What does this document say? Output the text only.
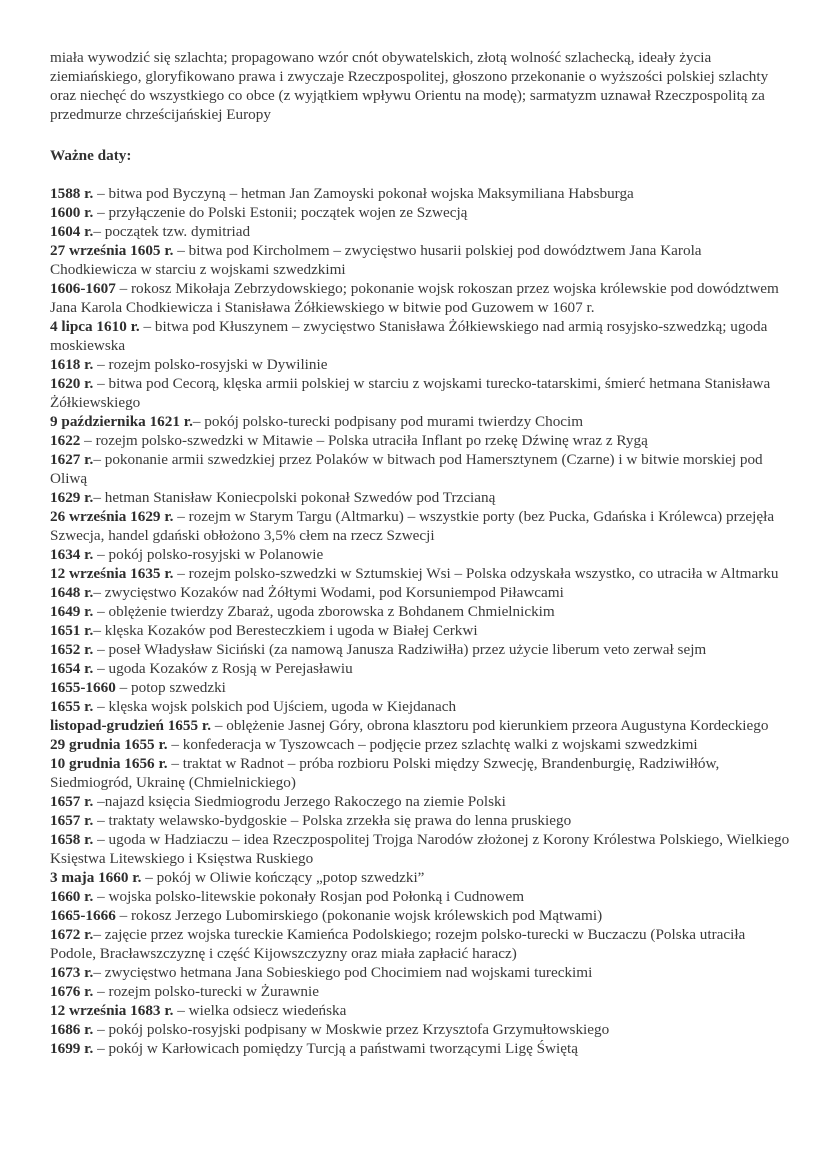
miała wywodzić się szlachta; propagowano wzór cnót obywatelskich, złotą wolność szlachecką, ideały życia ziemiańskiego, gloryfikowano prawa i zwyczaje Rzeczpospolitej, głoszono przekonanie o wyższości polskiej szlachty oraz niechęć do wszystkiego co obce (z wyjątkiem wpływu Orientu na modę); sarmatyzm uznawał Rzeczpospolitą za przedmurze chrześcijańskiej Europy

Ważne daty:

1588 r. – bitwa pod Byczyną – hetman Jan Zamoyski pokonał wojska Maksymiliana Habsburga
1600 r. – przyłączenie do Polski Estonii; początek wojen ze Szwecją
1604 r.– początek tzw. dymitriad
27 września 1605 r. – bitwa pod Kircholmem – zwycięstwo husarii polskiej pod dowództwem Jana Karola Chodkiewicza w starciu z wojskami szwedzkimi
1606-1607 – rokosz Mikołaja Zebrzydowskiego; pokonanie wojsk rokoszan przez wojska królewskie pod dowództwem Jana Karola Chodkiewicza i Stanisława Żółkiewskiego w bitwie pod Guzowem w 1607 r.
4 lipca 1610 r. – bitwa pod Kłuszynem – zwycięstwo Stanisława Żółkiewskiego nad armią rosyjsko-szwedzką; ugoda moskiewska
1618 r. – rozejm polsko-rosyjski w Dywilinie
1620 r. – bitwa pod Cecorą, klęska armii polskiej w starciu z wojskami turecko-tatarskimi, śmierć hetmana Stanisława Żółkiewskiego
9 października 1621 r.– pokój polsko-turecki podpisany pod murami twierdzy Chocim
1622 – rozejm polsko-szwedzki w Mitawie – Polska utraciła Inflant po rzekę Dźwinę wraz z Rygą
1627 r.– pokonanie armii szwedzkiej przez Polaków w bitwach pod Hamersztynem (Czarne) i w bitwie morskiej pod Oliwą
1629 r.– hetman Stanisław Koniecpolski pokonał Szwedów pod Trzcianą
26 września 1629 r. – rozejm w Starym Targu (Altmarku) – wszystkie porty (bez Pucka, Gdańska i Królewca) przejęła Szwecja, handel gdański obłożono 3,5% cłem na rzecz Szwecji
1634 r. – pokój polsko-rosyjski w Polanowie
12 września 1635 r. – rozejm polsko-szwedzki w Sztumskiej Wsi – Polska odzyskała wszystko, co utraciła w Altmarku
1648 r.– zwycięstwo Kozaków nad Żółtymi Wodami, pod Korsuniempod Piławcami
1649 r. – oblężenie twierdzy Zbaraż, ugoda zborowska z Bohdanem Chmielnickim
1651 r.– klęska Kozaków pod Beresteczkiem i ugoda w Białej Cerkwi
1652 r. – poseł Władysław Siciński (za namową Janusza Radziwiłła) przez użycie liberum veto zerwał sejm
1654 r. – ugoda Kozaków z Rosją w Perejasławiu
1655-1660 – potop szwedzki
1655 r. – klęska wojsk polskich pod Ujściem, ugoda w Kiejdanach
listopad-grudzień 1655 r. – oblężenie Jasnej Góry, obrona klasztoru pod kierunkiem przeora Augustyna Kordeckiego
29 grudnia 1655 r. – konfederacja w Tyszowcach – podjęcie przez szlachtę walki z wojskami szwedzkimi
10 grudnia 1656 r. – traktat w Radnot – próba rozbioru Polski między Szwecję, Brandenburgię, Radziwiłłów, Siedmiogród, Ukrainę (Chmielnickiego)
1657 r. –najazd księcia Siedmiogrodu Jerzego Rakoczego na ziemie Polski
1657 r. – traktaty welawsko-bydgoskie – Polska zrzekła się prawa do lenna pruskiego
1658 r. – ugoda w Hadziaczu – idea Rzeczpospolitej Trojga Narodów złożonej z Korony Królestwa Polskiego, Wielkiego Księstwa Litewskiego i Księstwa Ruskiego
3 maja 1660 r. – pokój w Oliwie kończący „potop szwedzki”
1660 r. – wojska polsko-litewskie pokonały Rosjan pod Połonką i Cudnowem
1665-1666 – rokosz Jerzego Lubomirskiego (pokonanie wojsk królewskich pod Mątwami)
1672 r.– zajęcie przez wojska tureckie Kamieńca Podolskiego; rozejm polsko-turecki w Buczaczu (Polska utraciła Podole, Bracławszczyznę i część Kijowszczyzny oraz miała zapłacić haracz)
1673 r.– zwycięstwo hetmana Jana Sobieskiego pod Chocimiem nad wojskami tureckimi
1676 r. – rozejm polsko-turecki w Żurawnie
12 września 1683 r. – wielka odsiecz wiedeńska
1686 r. – pokój polsko-rosyjski podpisany w Moskwie przez Krzysztofa Grzymułtowskiego
1699 r. – pokój w Karłowicach pomiędzy Turcją a państwami tworzącymi Ligę Świętą
